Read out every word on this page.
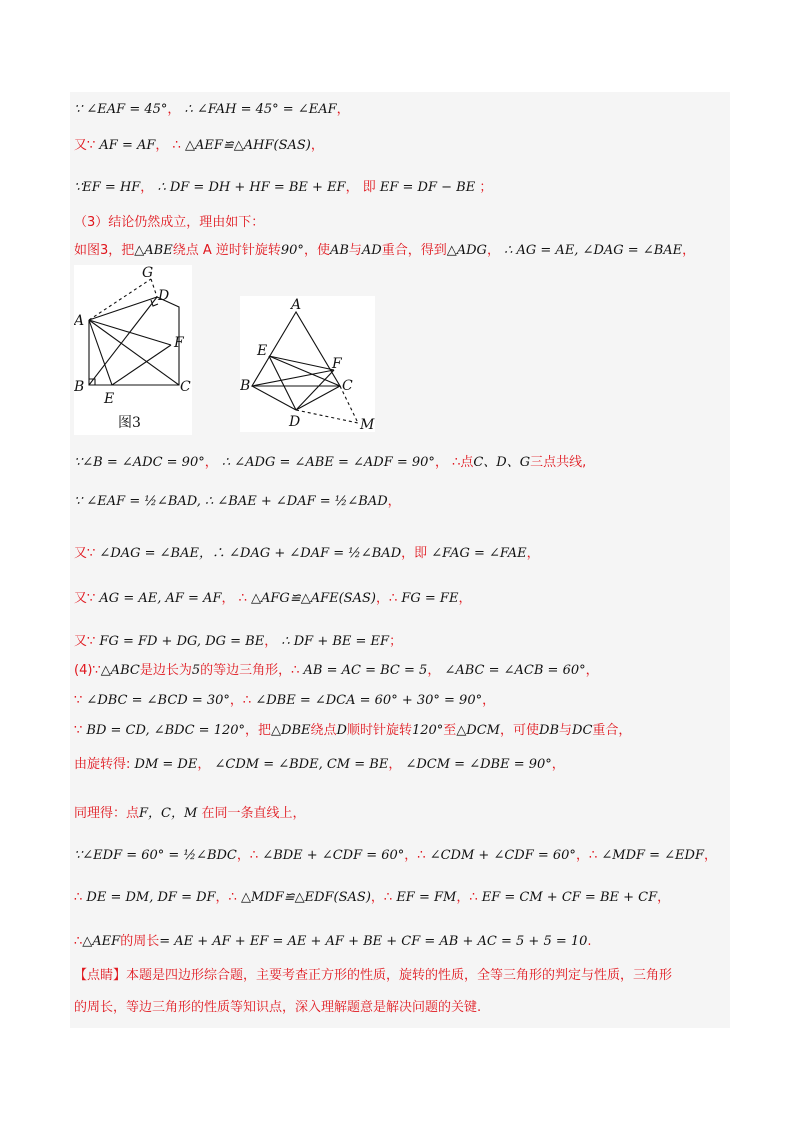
∵ ∠EAF = 45°， ∴ ∠FAH = 45° = ∠EAF，
又∵ AF = AF， ∴ △AEF≌△AHF(SAS)，
∵EF = HF， ∴ DF = DH + HF = BE + EF， 即 EF = DF − BE ；
（3）结论仍然成立，理由如下：
如图3，把△ABE绕点 A 逆时针旋转90°，使AB与AD重合，得到△ADG， ∴ AG = AE, ∠DAG = ∠BAE，
G
D
A
F
B	C
E
图3
A
E
F
B	C
D	M
∵∠B = ∠ADC = 90°， ∴ ∠ADG = ∠ABE = ∠ADF = 90°， ∴点C、D、G三点共线,
∵ ∠EAF = ½∠BAD, ∴ ∠BAE + ∠DAF = ½∠BAD，
又∵ ∠DAG = ∠BAE，∴ ∠DAG + ∠DAF = ½∠BAD，即 ∠FAG = ∠FAE，
又∵ AG = AE, AF = AF， ∴ △AFG≌△AFE(SAS)，∴ FG = FE，
又∵ FG = FD + DG, DG = BE， ∴ DF + BE = EF；
(4)∵△ABC是边长为5的等边三角形，∴ AB = AC = BC = 5， ∠ABC = ∠ACB = 60°，
∵ ∠DBC = ∠BCD = 30°，∴ ∠DBE = ∠DCA = 60° + 30° = 90°，
∵ BD = CD, ∠BDC = 120°，把△DBE绕点D顺时针旋转120°至△DCM，可使DB与DC重合，
由旋转得: DM = DE， ∠CDM = ∠BDE, CM = BE， ∠DCM = ∠DBE = 90°，
同理得：点F，C，M 在同一条直线上，
∵∠EDF = 60° = ½∠BDC，∴ ∠BDE + ∠CDF = 60°，∴ ∠CDM + ∠CDF = 60°，∴ ∠MDF = ∠EDF，
∴ DE = DM, DF = DF，∴ △MDF≌△EDF(SAS)，∴ EF = FM，∴ EF = CM + CF = BE + CF，
∴△AEF的周长= AE + AF + EF = AE + AF + BE + CF = AB + AC = 5 + 5 = 10.
【点睛】本题是四边形综合题，主要考查正方形的性质，旋转的性质，全等三角形的判定与性质，三角形
的周长，等边三角形的性质等知识点，深入理解题意是解决问题的关键.
